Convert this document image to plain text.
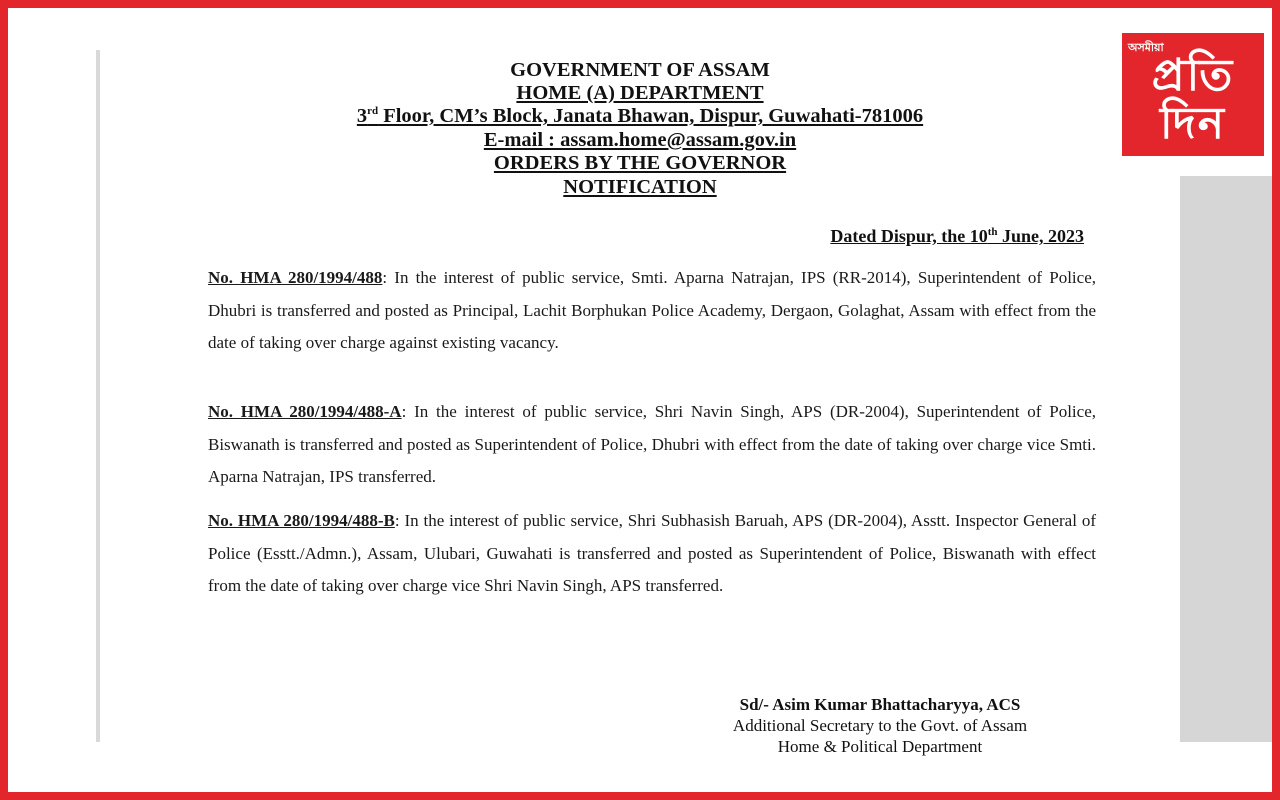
অসমীয়া
প্ৰতি
দিন
GOVERNMENT OF ASSAM
HOME (A) DEPARTMENT
3rd Floor, CM’s Block, Janata Bhawan, Dispur, Guwahati-781006
E-mail : assam.home@assam.gov.in
ORDERS BY THE GOVERNOR
NOTIFICATION
Dated Dispur, the 10th June, 2023
No. HMA 280/1994/488: In the interest of public service, Smti. Aparna Natrajan, IPS (RR-2014), Superintendent of Police, Dhubri is transferred and posted as Principal, Lachit Borphukan Police Academy, Dergaon, Golaghat, Assam with effect from the date of taking over charge against existing vacancy.
No. HMA 280/1994/488-A: In the interest of public service, Shri Navin Singh, APS (DR-2004), Superintendent of Police, Biswanath is transferred and posted as Superintendent of Police, Dhubri with effect from the date of taking over charge vice Smti. Aparna Natrajan, IPS transferred.
No. HMA 280/1994/488-B: In the interest of public service, Shri Subhasish Baruah, APS (DR-2004), Asstt. Inspector General of Police (Esstt./Admn.), Assam, Ulubari, Guwahati is transferred and posted as Superintendent of Police, Biswanath with effect from the date of taking over charge vice Shri Navin Singh, APS transferred.
Sd/- Asim Kumar Bhattacharyya, ACS
Additional Secretary to the Govt. of Assam
